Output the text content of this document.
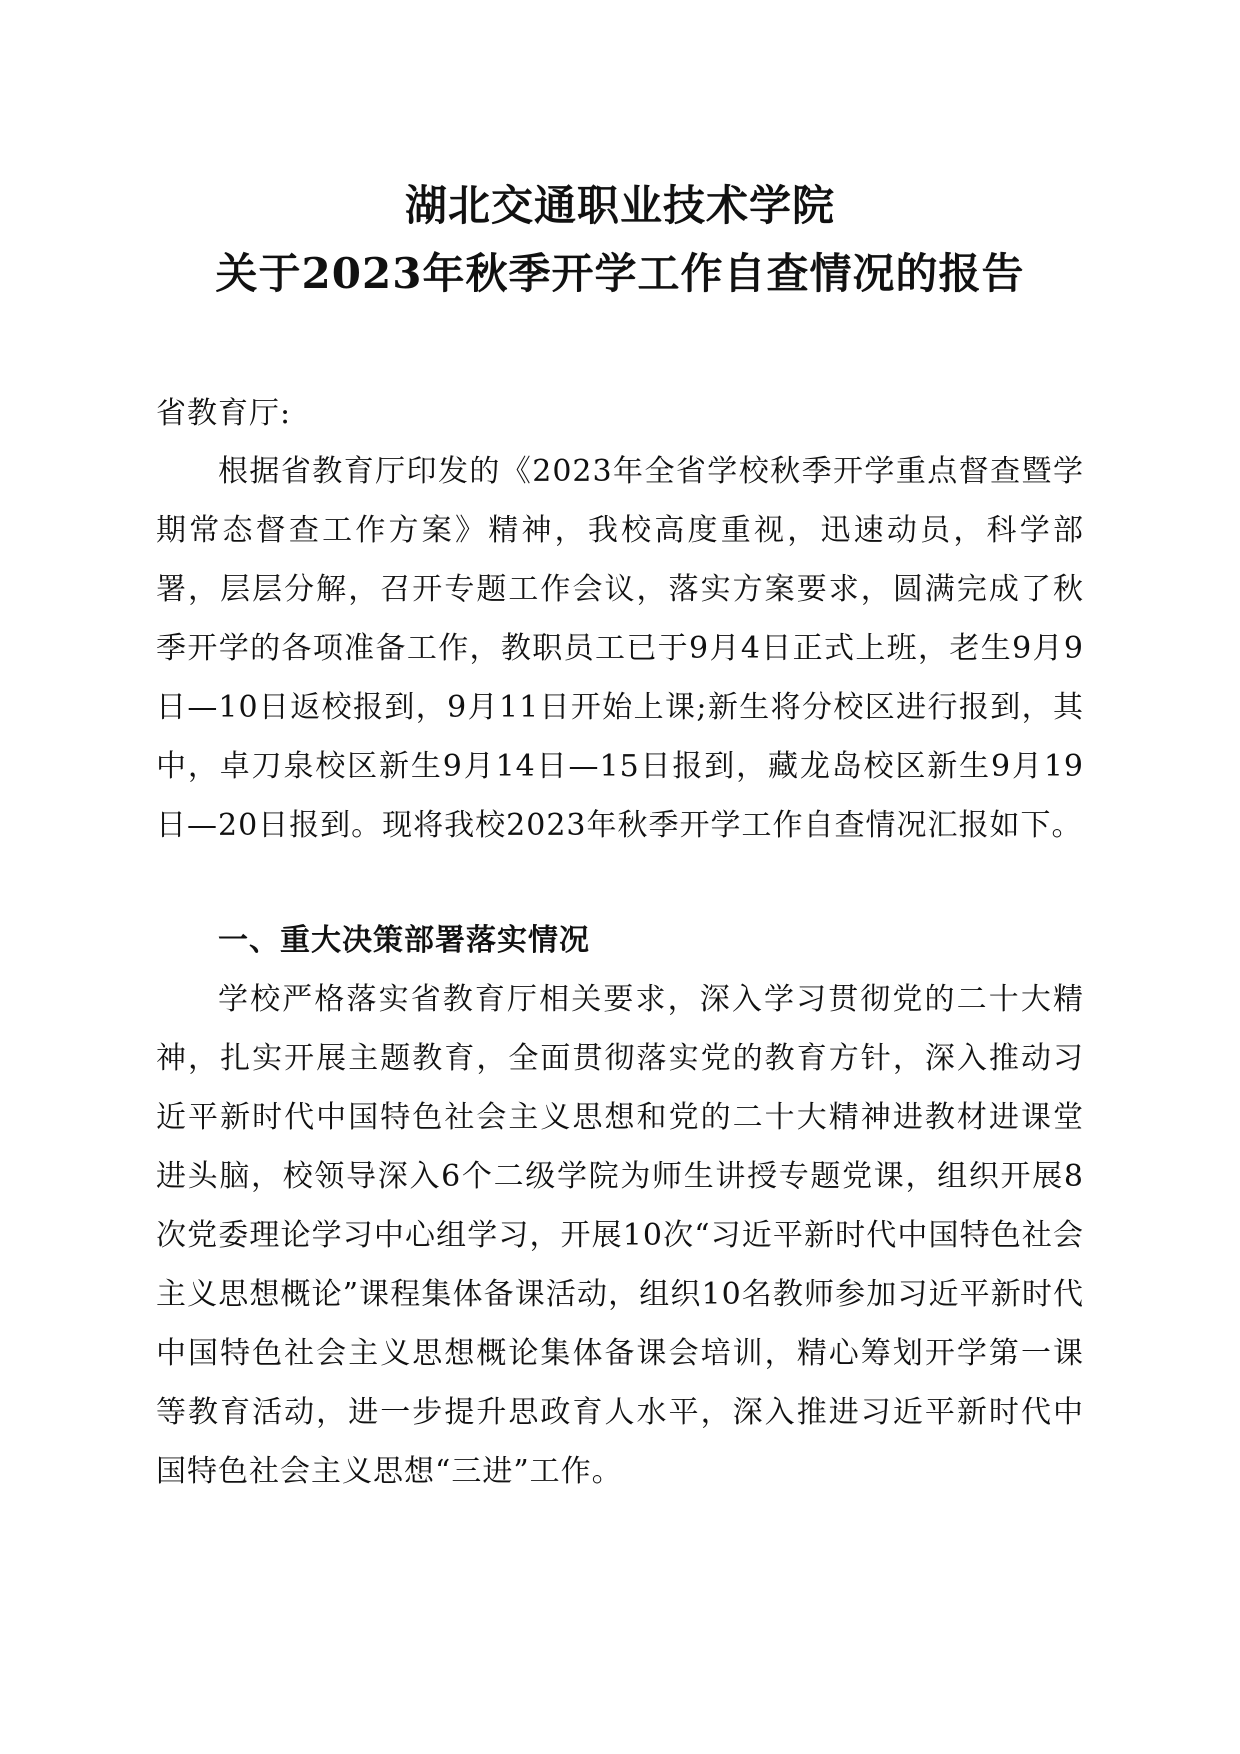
湖北交通职业技术学院
关于2023年秋季开学工作自查情况的报告
省教育厅:
根据省教育厅印发的《2023年全省学校秋季开学重点督查暨学期常态督查工作方案》精神，我校高度重视，迅速动员，科学部署，层层分解，召开专题工作会议，落实方案要求，圆满完成了秋季开学的各项准备工作，教职员工已于9月4日正式上班，老生9月9日—10日返校报到，9月11日开始上课;新生将分校区进行报到，其中，卓刀泉校区新生9月14日—15日报到，藏龙岛校区新生9月19日—20日报到。现将我校2023年秋季开学工作自查情况汇报如下。
一、重大决策部署落实情况
学校严格落实省教育厅相关要求，深入学习贯彻党的二十大精神，扎实开展主题教育，全面贯彻落实党的教育方针，深入推动习近平新时代中国特色社会主义思想和党的二十大精神进教材进课堂进头脑，校领导深入6个二级学院为师生讲授专题党课，组织开展8次党委理论学习中心组学习，开展10次“习近平新时代中国特色社会主义思想概论”课程集体备课活动，组织10名教师参加习近平新时代中国特色社会主义思想概论集体备课会培训，精心筹划开学第一课等教育活动，进一步提升思政育人水平，深入推进习近平新时代中国特色社会主义思想“三进”工作。
